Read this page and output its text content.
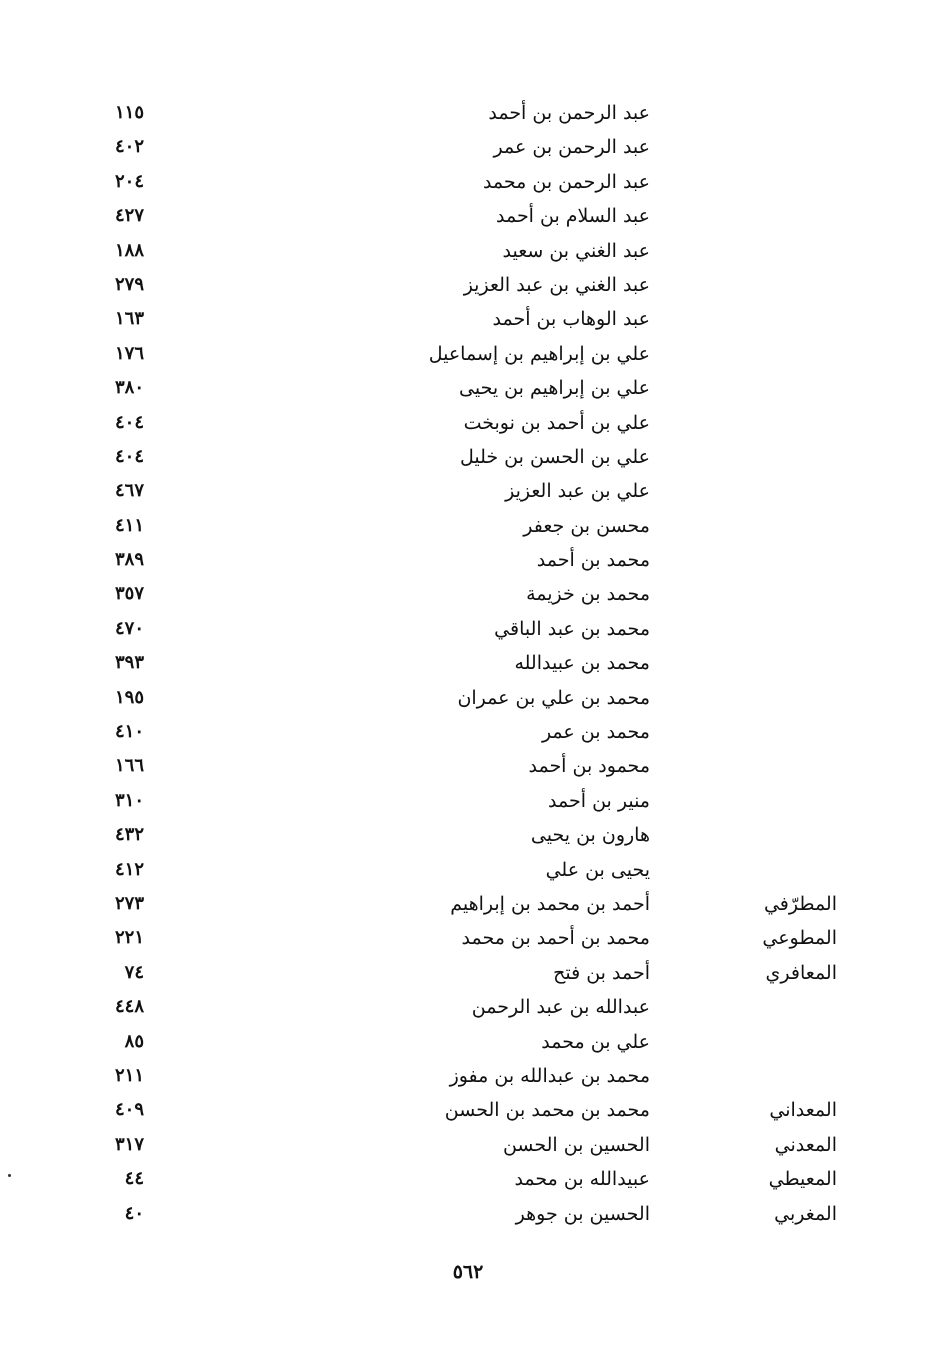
عبد الرحمن بن أحمد
١١٥
عبد الرحمن بن عمر
٤٠٢
عبد الرحمن بن محمد
٢٠٤
عبد السلام بن أحمد
٤٢٧
عبد الغني بن سعيد
١٨٨
عبد الغني بن عبد العزيز
٢٧٩
عبد الوهاب بن أحمد
١٦٣
علي بن إبراهيم بن إسماعيل
١٧٦
علي بن إبراهيم بن يحيى
٣٨٠
علي بن أحمد بن نوبخت
٤٠٤
علي بن الحسن بن خليل
٤٠٤
علي بن عبد العزيز
٤٦٧
محسن بن جعفر
٤١١
محمد بن أحمد
٣٨٩
محمد بن خزيمة
٣٥٧
محمد بن عبد الباقي
٤٧٠
محمد بن عبيدالله
٣٩٣
محمد بن علي بن عمران
١٩٥
محمد بن عمر
٤١٠
محمود بن أحمد
١٦٦
منير بن أحمد
٣١٠
هارون بن يحيى
٤٣٢
يحيى بن علي
٤١٢
المطرّفي
أحمد بن محمد بن إبراهيم
٢٧٣
المطوعي
محمد بن أحمد بن محمد
٢٢١
المعافري
أحمد بن فتح
٧٤
عبدالله بن عبد الرحمن
٤٤٨
علي بن محمد
٨٥
محمد بن عبدالله بن مفوز
٢١١
المعداني
محمد بن محمد بن الحسن
٤٠٩
المعدني
الحسين بن الحسن
٣١٧
المعيطي
عبيدالله بن محمد
٤٤
المغربي
الحسين بن جوهر
٤٠
٥٦٢
